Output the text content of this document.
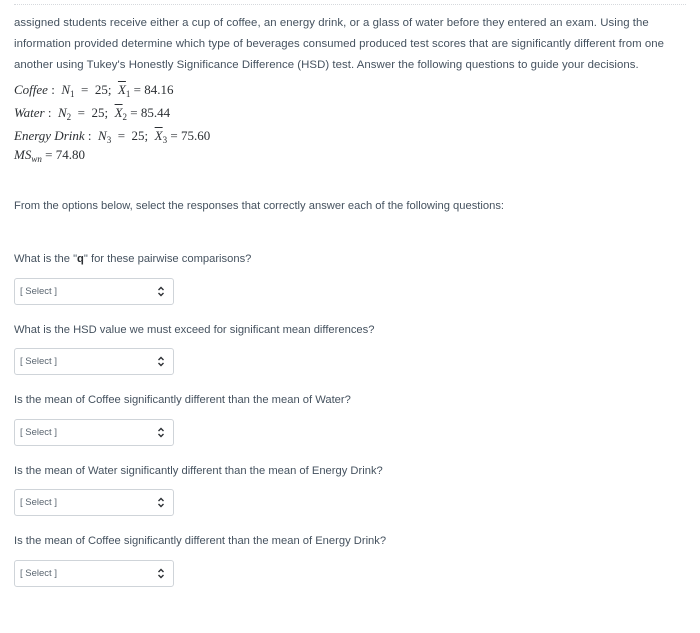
assigned students receive either a cup of coffee, an energy drink, or a glass of water before they entered an exam. Using the
information provided determine which type of beverages consumed produced test scores that are significantly different from one
another using Tukey's Honestly Significance Difference (HSD) test. Answer the following questions to guide your decisions.
Coffee :  $N_1 = 25$;  $\overline{X}_1 = 84.16$
Water :  $N_2 = 25$;  $\overline{X}_2 = 85.44$
Energy Drink :  $N_3 = 25$;  $\overline{X}_3 = 75.60$
$MS_{wn} = 74.80$
From the options below, select the responses that correctly answer each of the following questions:
What is the "q" for these pairwise comparisons?
[ Select ]
What is the HSD value we must exceed for significant mean differences?
[ Select ]
Is the mean of Coffee significantly different than the mean of Water?
[ Select ]
Is the mean of Water significantly different than the mean of Energy Drink?
[ Select ]
Is the mean of Coffee significantly different than the mean of Energy Drink?
[ Select ]
